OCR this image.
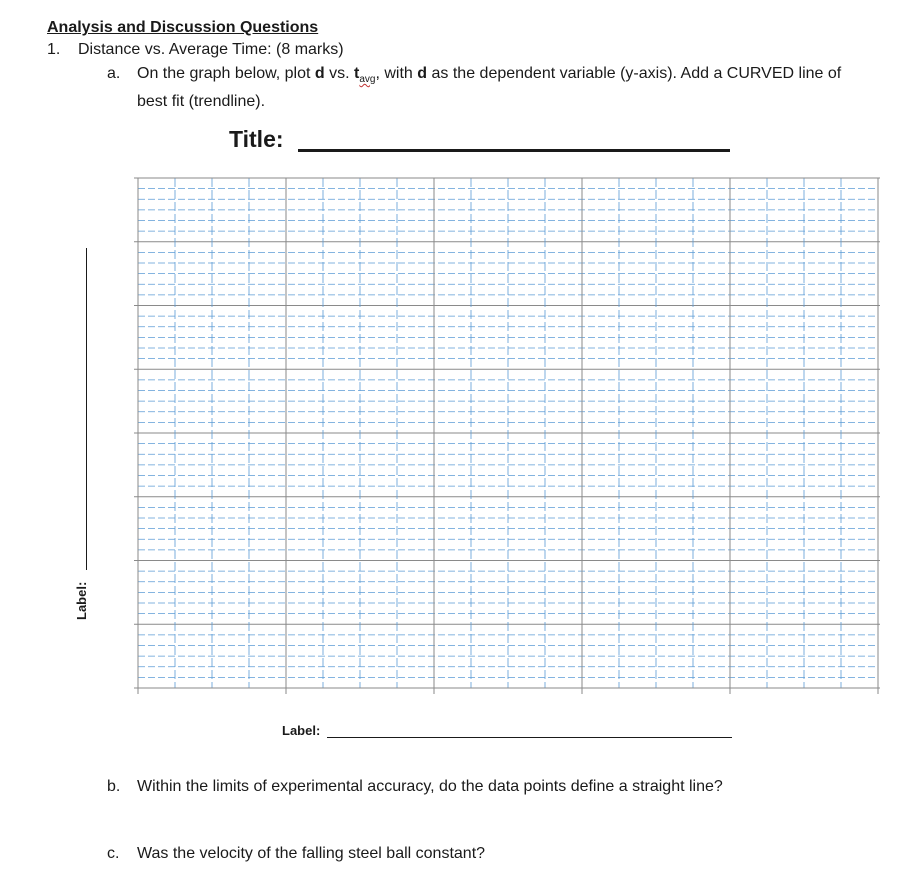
Analysis and Discussion Questions
1. Distance vs. Average Time: (8 marks)
a. On the graph below, plot d vs. $t_{avg}$, with d as the dependent variable (y-axis). Add a CURVED line of best fit (trendline).
Title:
Label:
Label:
b. Within the limits of experimental accuracy, do the data points define a straight line?
c. Was the velocity of the falling steel ball constant?
